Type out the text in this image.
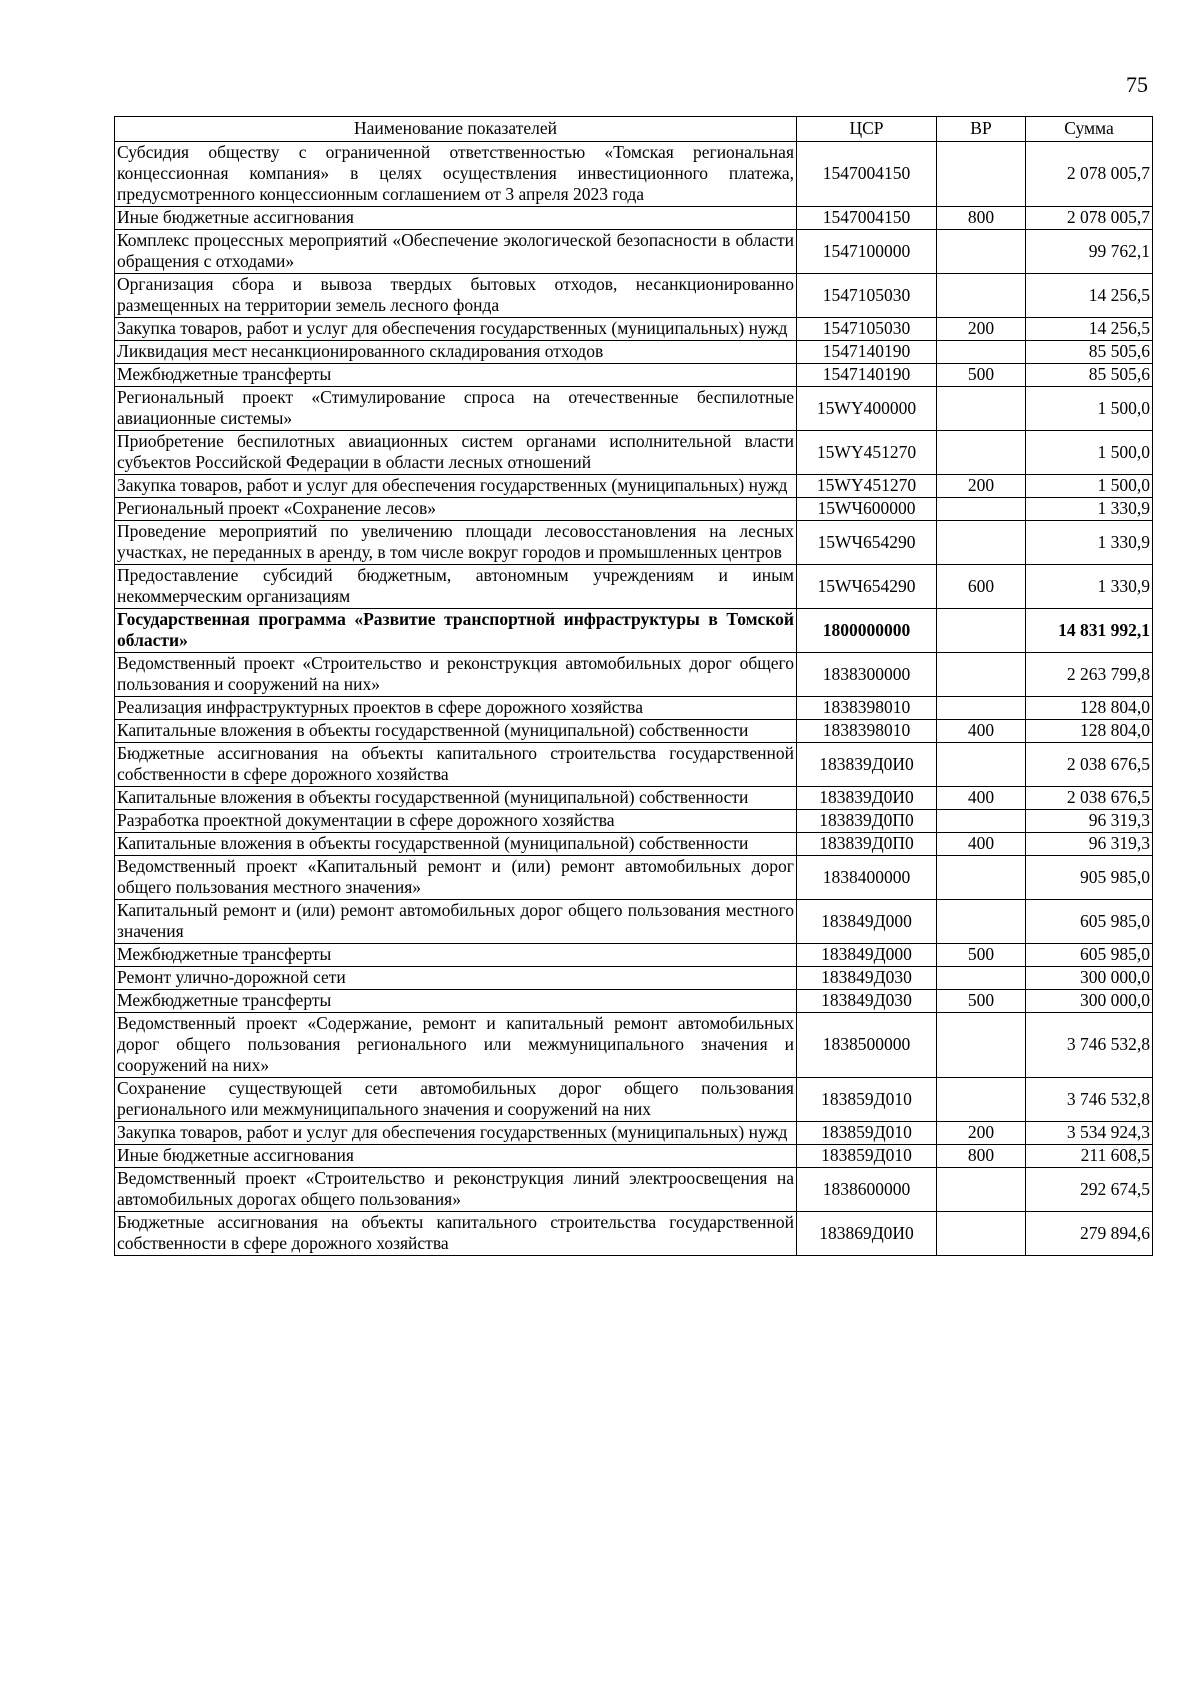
75
Наименование показателей	ЦСР	ВР	Сумма
Субсидия обществу с ограниченной ответственностью «Томская региональная концессионная компания» в целях осуществления инвестиционного платежа, предусмотренного концессионным соглашением от 3 апреля 2023 года	1547004150		2 078 005,7
Иные бюджетные ассигнования	1547004150	800	2 078 005,7
Комплекс процессных мероприятий «Обеспечение экологической безопасности в области обращения с отходами»	1547100000		99 762,1
Организация сбора и вывоза твердых бытовых отходов, несанкционированно размещенных на территории земель лесного фонда	1547105030		14 256,5
Закупка товаров, работ и услуг для обеспечения государственных (муниципальных) нужд	1547105030	200	14 256,5
Ликвидация мест несанкционированного складирования отходов	1547140190		85 505,6
Межбюджетные трансферты	1547140190	500	85 505,6
Региональный проект «Стимулирование спроса на отечественные беспилотные авиационные системы»	15WY400000		1 500,0
Приобретение беспилотных авиационных систем органами исполнительной власти субъектов Российской Федерации в области лесных отношений	15WY451270		1 500,0
Закупка товаров, работ и услуг для обеспечения государственных (муниципальных) нужд	15WY451270	200	1 500,0
Региональный проект «Сохранение лесов»	15WЧ600000		1 330,9
Проведение мероприятий по увеличению площади лесовосстановления на лесных участках, не переданных в аренду, в том числе вокруг городов и промышленных центров	15WЧ654290		1 330,9
Предоставление субсидий бюджетным, автономным учреждениям и иным некоммерческим организациям	15WЧ654290	600	1 330,9
Государственная программа «Развитие транспортной инфраструктуры в Томской области»	1800000000		14 831 992,1
Ведомственный проект «Строительство и реконструкция автомобильных дорог общего пользования и сооружений на них»	1838300000		2 263 799,8
Реализация инфраструктурных проектов в сфере дорожного хозяйства	1838398010		128 804,0
Капитальные вложения в объекты государственной (муниципальной) собственности	1838398010	400	128 804,0
Бюджетные ассигнования на объекты капитального строительства государственной собственности в сфере дорожного хозяйства	183839Д0И0		2 038 676,5
Капитальные вложения в объекты государственной (муниципальной) собственности	183839Д0И0	400	2 038 676,5
Разработка проектной документации в сфере дорожного хозяйства	183839Д0П0		96 319,3
Капитальные вложения в объекты государственной (муниципальной) собственности	183839Д0П0	400	96 319,3
Ведомственный проект «Капитальный ремонт и (или) ремонт автомобильных дорог общего пользования местного значения»	1838400000		905 985,0
Капитальный ремонт и (или) ремонт автомобильных дорог общего пользования местного значения	183849Д000		605 985,0
Межбюджетные трансферты	183849Д000	500	605 985,0
Ремонт улично-дорожной сети	183849Д030		300 000,0
Межбюджетные трансферты	183849Д030	500	300 000,0
Ведомственный проект «Содержание, ремонт и капитальный ремонт автомобильных дорог общего пользования регионального или межмуниципального значения и сооружений на них»	1838500000		3 746 532,8
Сохранение существующей сети автомобильных дорог общего пользования регионального или межмуниципального значения и сооружений на них	183859Д010		3 746 532,8
Закупка товаров, работ и услуг для обеспечения государственных (муниципальных) нужд	183859Д010	200	3 534 924,3
Иные бюджетные ассигнования	183859Д010	800	211 608,5
Ведомственный проект «Строительство и реконструкция линий электроосвещения на автомобильных дорогах общего пользования»	1838600000		292 674,5
Бюджетные ассигнования на объекты капитального строительства государственной собственности в сфере дорожного хозяйства	183869Д0И0		279 894,6
